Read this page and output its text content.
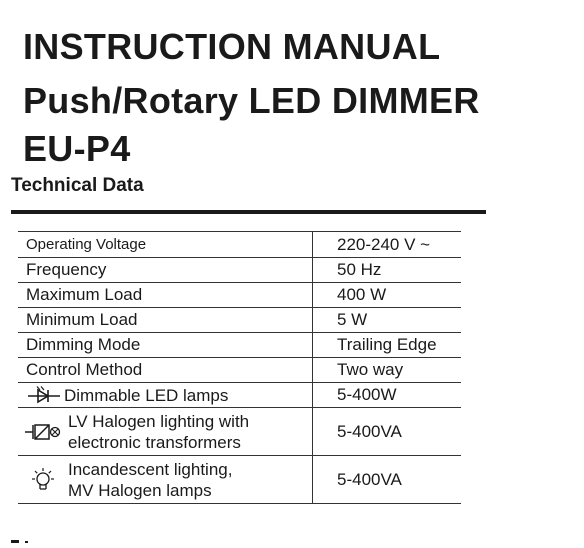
INSTRUCTION MANUAL
Push/Rotary LED DIMMER
EU-P4
Technical Data
Operating Voltage	220-240 V ~
Frequency	50 Hz
Maximum Load	400 W
Minimum Load	5 W
Dimming Mode	Trailing Edge
Control Method	Two way

Dimmable LED lamps	5-400W

LV Halogen lighting with
electronic transformers	5-400VA

Incandescent lighting,
MV Halogen lamps	5-400VA
